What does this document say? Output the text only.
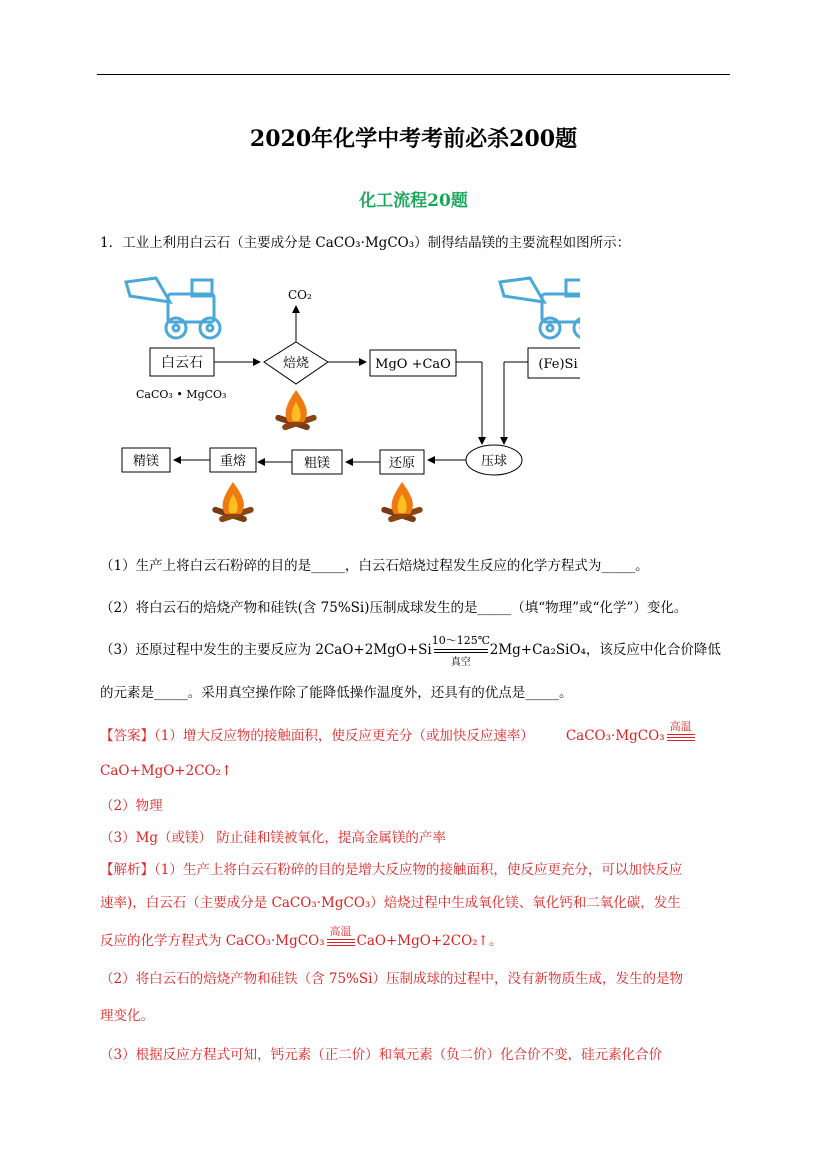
2020年化学中考考前必杀200题
化工流程20题
1．工业上利用白云石（主要成分是 CaCO₃·MgCO₃）制得结晶镁的主要流程如图所示：
CO₂
白云石
CaCO₃ • MgCO₃
焙烧	MgO +CaO	(Fe)Si
压球
还原
粗镁
重熔
精镁
（1）生产上将白云石粉碎的目的是_____，白云石焙烧过程发生反应的化学方程式为_____。
（2）将白云石的焙烧产物和硅铁(含 75%Si)压制成球发生的是_____（填“物理”或“化学”）变化。
（3）还原过程中发生的主要反应为 2CaO+2MgO+Si
10～125℃
真空
2Mg+Ca₂SiO₄，该反应中化合价降低
的元素是_____。采用真空操作除了能降低操作温度外，还具有的优点是_____。
【答案】（1）增大反应物的接触面积，使反应更充分（或加快反应速率） CaCO₃·MgCO₃
高温
CaO+MgO+2CO₂↑
（2）物理
（3）Mg（或镁） 防止硅和镁被氧化，提高金属镁的产率
【解析】（1）生产上将白云石粉碎的目的是增大反应物的接触面积，使反应更充分，可以加快反应
速率)，白云石（主要成分是 CaCO₃·MgCO₃）焙烧过程中生成氧化镁、氧化钙和二氧化碳，发生
反应的化学方程式为 CaCO₃·MgCO₃
高温
CaO+MgO+2CO₂↑。
（2）将白云石的焙烧产物和硅铁（含 75%Si）压制成球的过程中，没有新物质生成，发生的是物
理变化。
（3）根据反应方程式可知，钙元素（正二价）和氧元素（负二价）化合价不变，硅元素化合价
